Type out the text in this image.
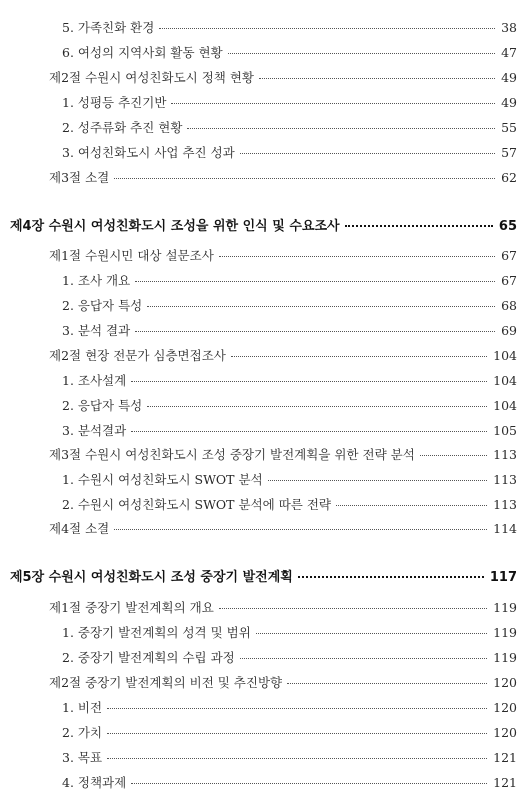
5. 가족친화 환경	38
6. 여성의 지역사회 활동 현황	47
제2절 수원시 여성친화도시 정책 현황	49
1. 성평등 추진기반	49
2. 성주류화 추진 현황	55
3. 여성친화도시 사업 추진 성과	57
제3절 소결	62
제4장 수원시 여성친화도시 조성을 위한 인식 및 수요조사	65
제1절 수원시민 대상 설문조사	67
1. 조사 개요	67
2. 응답자 특성	68
3. 분석 결과	69
제2절 현장 전문가 심층면접조사	104
1. 조사설계	104
2. 응답자 특성	104
3. 분석결과	105
제3절 수원시 여성친화도시 조성 중장기 발전계획을 위한 전략 분석	113
1. 수원시 여성친화도시 SWOT 분석	113
2. 수원시 여성친화도시 SWOT 분석에 따른 전략	113
제4절 소결	114
제5장 수원시 여성친화도시 조성 중장기 발전계획	117
제1절 중장기 발전계획의 개요	119
1. 중장기 발전계획의 성격 및 범위	119
2. 중장기 발전계획의 수립 과정	119
제2절 중장기 발전계획의 비전 및 추진방향	120
1. 비전	120
2. 가치	120
3. 목표	121
4. 정책과제	121
